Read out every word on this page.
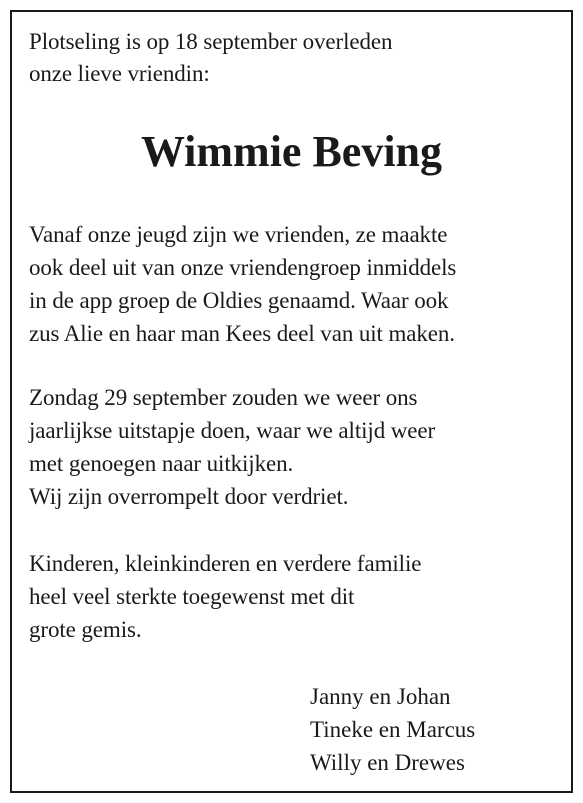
Plotseling is op 18 september overleden
onze lieve vriendin:
Wimmie Beving
Vanaf onze jeugd zijn we vrienden, ze maakte
ook deel uit van onze vriendengroep inmiddels
in de app groep de Oldies genaamd. Waar ook
zus Alie en haar man Kees deel van uit maken.
Zondag 29 september zouden we weer ons
jaarlijkse uitstapje doen, waar we altijd weer
met genoegen naar uitkijken.
Wij zijn overrompelt door verdriet.
Kinderen, kleinkinderen en verdere familie
heel veel sterkte toegewenst met dit
grote gemis.
Janny en Johan
Tineke en Marcus
Willy en Drewes
